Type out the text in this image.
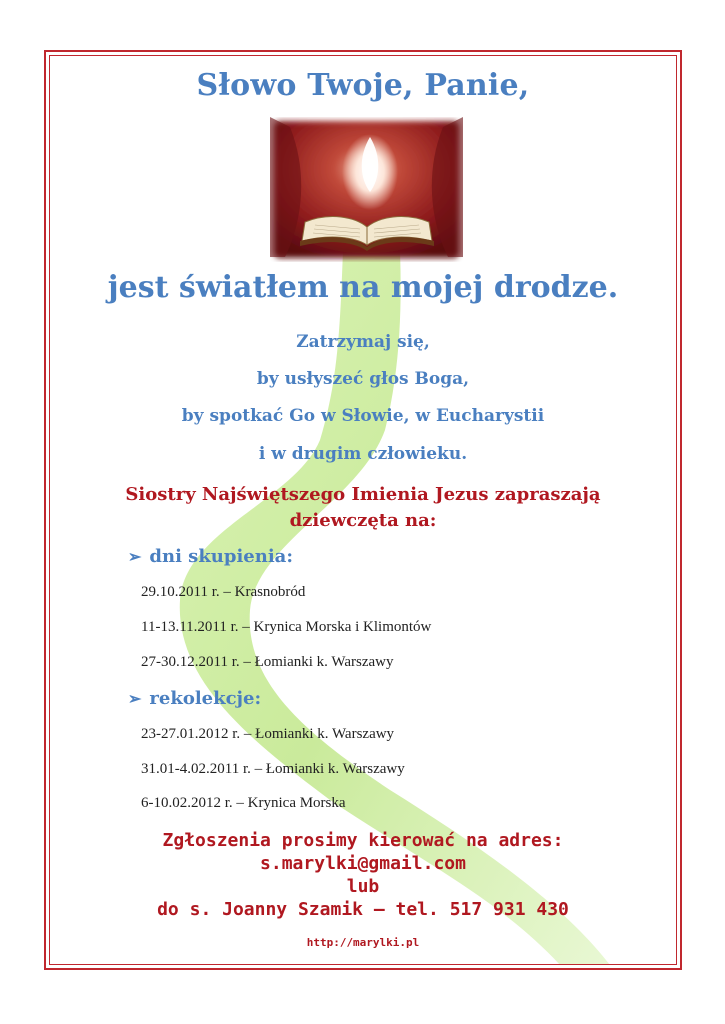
Słowo Twoje, Panie,
jest światłem na mojej drodze.
Zatrzymaj się,
by usłyszeć głos Boga,
by spotkać Go w Słowie, w Eucharystii
i w drugim człowieku.
Siostry Najświętszego Imienia Jezus zapraszają
dziewczęta na:
➢ dni skupienia:
29.10.2011 r. – Krasnobród
11-13.11.2011 r. – Krynica Morska i Klimontów
27-30.12.2011 r. – Łomianki k. Warszawy
➢ rekolekcje:
23-27.01.2012 r. – Łomianki k. Warszawy
31.01-4.02.2011 r. – Łomianki k. Warszawy
6-10.02.2012 r. – Krynica Morska
Zgłoszenia prosimy kierować na adres:
s.marylki@gmail.com
lub
do s. Joanny Szamik – tel. 517 931 430
http://marylki.pl
